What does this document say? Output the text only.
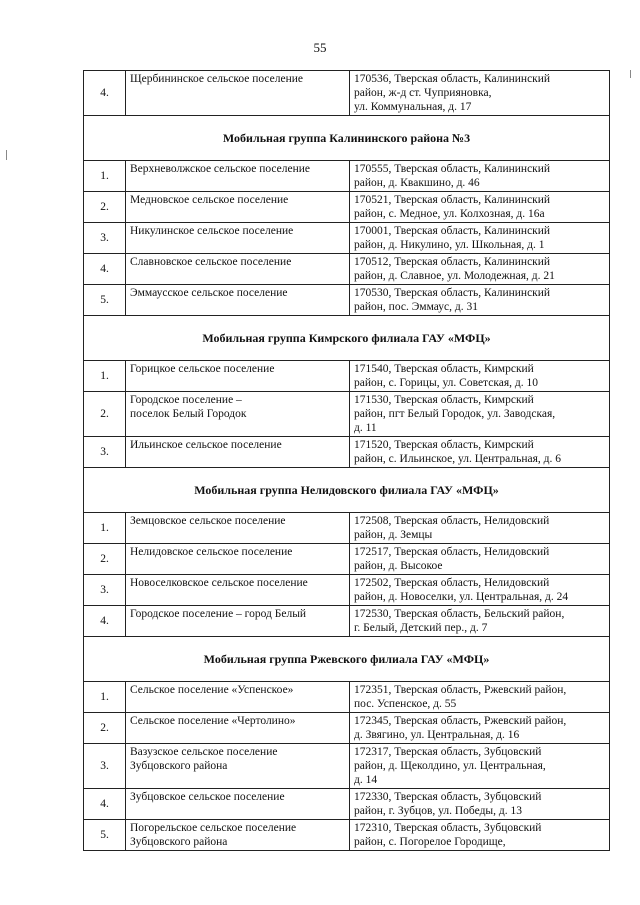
55
4.	Щербининское сельское поселение	170536, Тверская область, Калининский
район, ж-д ст. Чуприяновка,
ул. Коммунальная, д. 17

Мобильная группа Калининского района №3		
1.	Верхневолжское сельское поселение	170555, Тверская область, Калининский
район, д. Квакшино, д. 46

2.	Медновское сельское поселение	170521, Тверская область, Калининский
район, с. Медное, ул. Колхозная, д. 16а

3.	Никулинское сельское поселение	170001, Тверская область, Калининский
район, д. Никулино, ул. Школьная, д. 1

4.	Славновское сельское поселение	170512, Тверская область, Калининский
район, д. Славное, ул. Молодежная, д. 21

5.	Эммаусское сельское поселение	170530, Тверская область, Калининский
район, пос. Эммаус, д. 31

Мобильная группа Кимрского филиала ГАУ «МФЦ»		
1.	Горицкое сельское поселение	171540, Тверская область, Кимрский
район, с. Горицы, ул. Советская, д. 10

2.	Городское поселение –
поселок Белый Городок	171530, Тверская область, Кимрский
район, пгт Белый Городок, ул. Заводская,
д. 11

3.	Ильинское сельское поселение	171520, Тверская область, Кимрский
район, с. Ильинское, ул. Центральная, д. 6

Мобильная группа Нелидовского филиала ГАУ «МФЦ»		
1.	Земцовское сельское поселение	172508, Тверская область, Нелидовский
район, д. Земцы

2.	Нелидовское сельское поселение	172517, Тверская область, Нелидовский
район, д. Высокое

3.	Новоселковское сельское поселение	172502, Тверская область, Нелидовский
район, д. Новоселки, ул. Центральная, д. 24

4.	Городское поселение – город Белый	172530, Тверская область, Бельский район,
г. Белый, Детский пер., д. 7

Мобильная группа Ржевского филиала ГАУ «МФЦ»		
1.	Сельское поселение «Успенское»	172351, Тверская область, Ржевский район,
пос. Успенское, д. 55

2.	Сельское поселение «Чертолино»	172345, Тверская область, Ржевский район,
д. Звягино, ул. Центральная, д. 16

3.	Вазузское сельское поселение
Зубцовского района	172317, Тверская область, Зубцовский
район, д. Щеколдино, ул. Центральная,
д. 14

4.	Зубцовское сельское поселение	172330, Тверская область, Зубцовский
район, г. Зубцов, ул. Победы, д. 13

5.	Погорельское сельское поселение
Зубцовского района	172310, Тверская область, Зубцовский
район, с. Погорелое Городище,
